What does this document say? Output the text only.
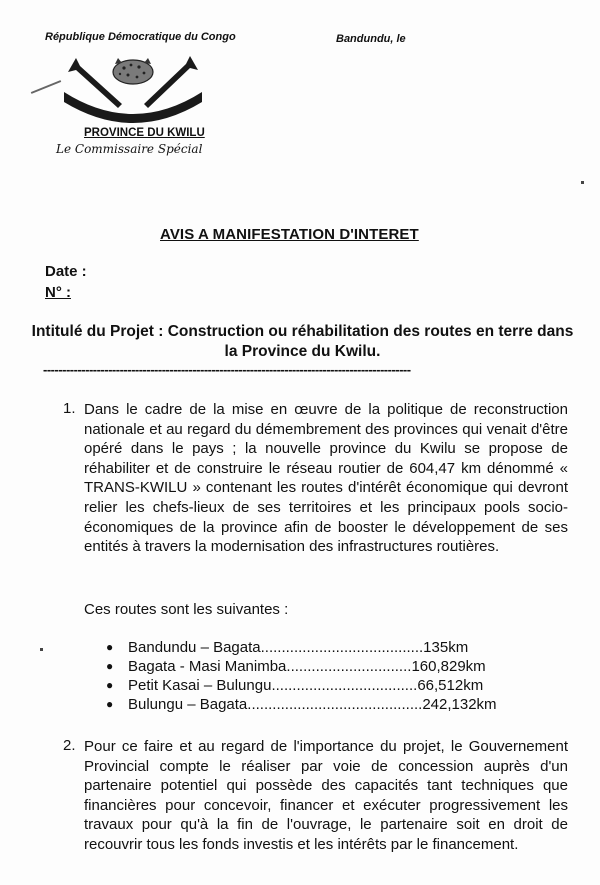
République Démocratique du Congo	Bandundu, le
PROVINCE DU KWILU
Le Commissaire Spécial
AVIS A MANIFESTATION D'INTERET
Date :
N° :
Intitulé du Projet : Construction ou réhabilitation des routes en terre dans la Province du Kwilu.
------------------------------------------------------------------------------------------------
1. Dans le cadre de la mise en œuvre de la politique de reconstruction nationale et au regard du démembrement des provinces qui venait d'être opéré dans le pays ; la nouvelle province du Kwilu se propose de réhabiliter et de construire le réseau routier de 604,47 km dénommé « TRANS-KWILU » contenant les routes d'intérêt économique qui devront relier les chefs-lieux de ses territoires et les principaux pools socio-économiques de la province afin de booster le développement de ses entités à travers la modernisation des infrastructures routières.
Ces routes sont les suivantes :
● Bandundu – Bagata.......................................135km
● Bagata - Masi Manimba..............................160,829km
● Petit Kasai – Bulungu...................................66,512km
● Bulungu – Bagata..........................................242,132km
2. Pour ce faire et au regard de l'importance du projet, le Gouvernement Provincial compte le réaliser par voie de concession auprès d'un partenaire potentiel qui possède des capacités tant techniques que financières pour concevoir, financer et exécuter progressivement les travaux pour qu'à la fin de l'ouvrage, le partenaire soit en droit de recouvrir tous les fonds investis et les intérêts par le financement.
